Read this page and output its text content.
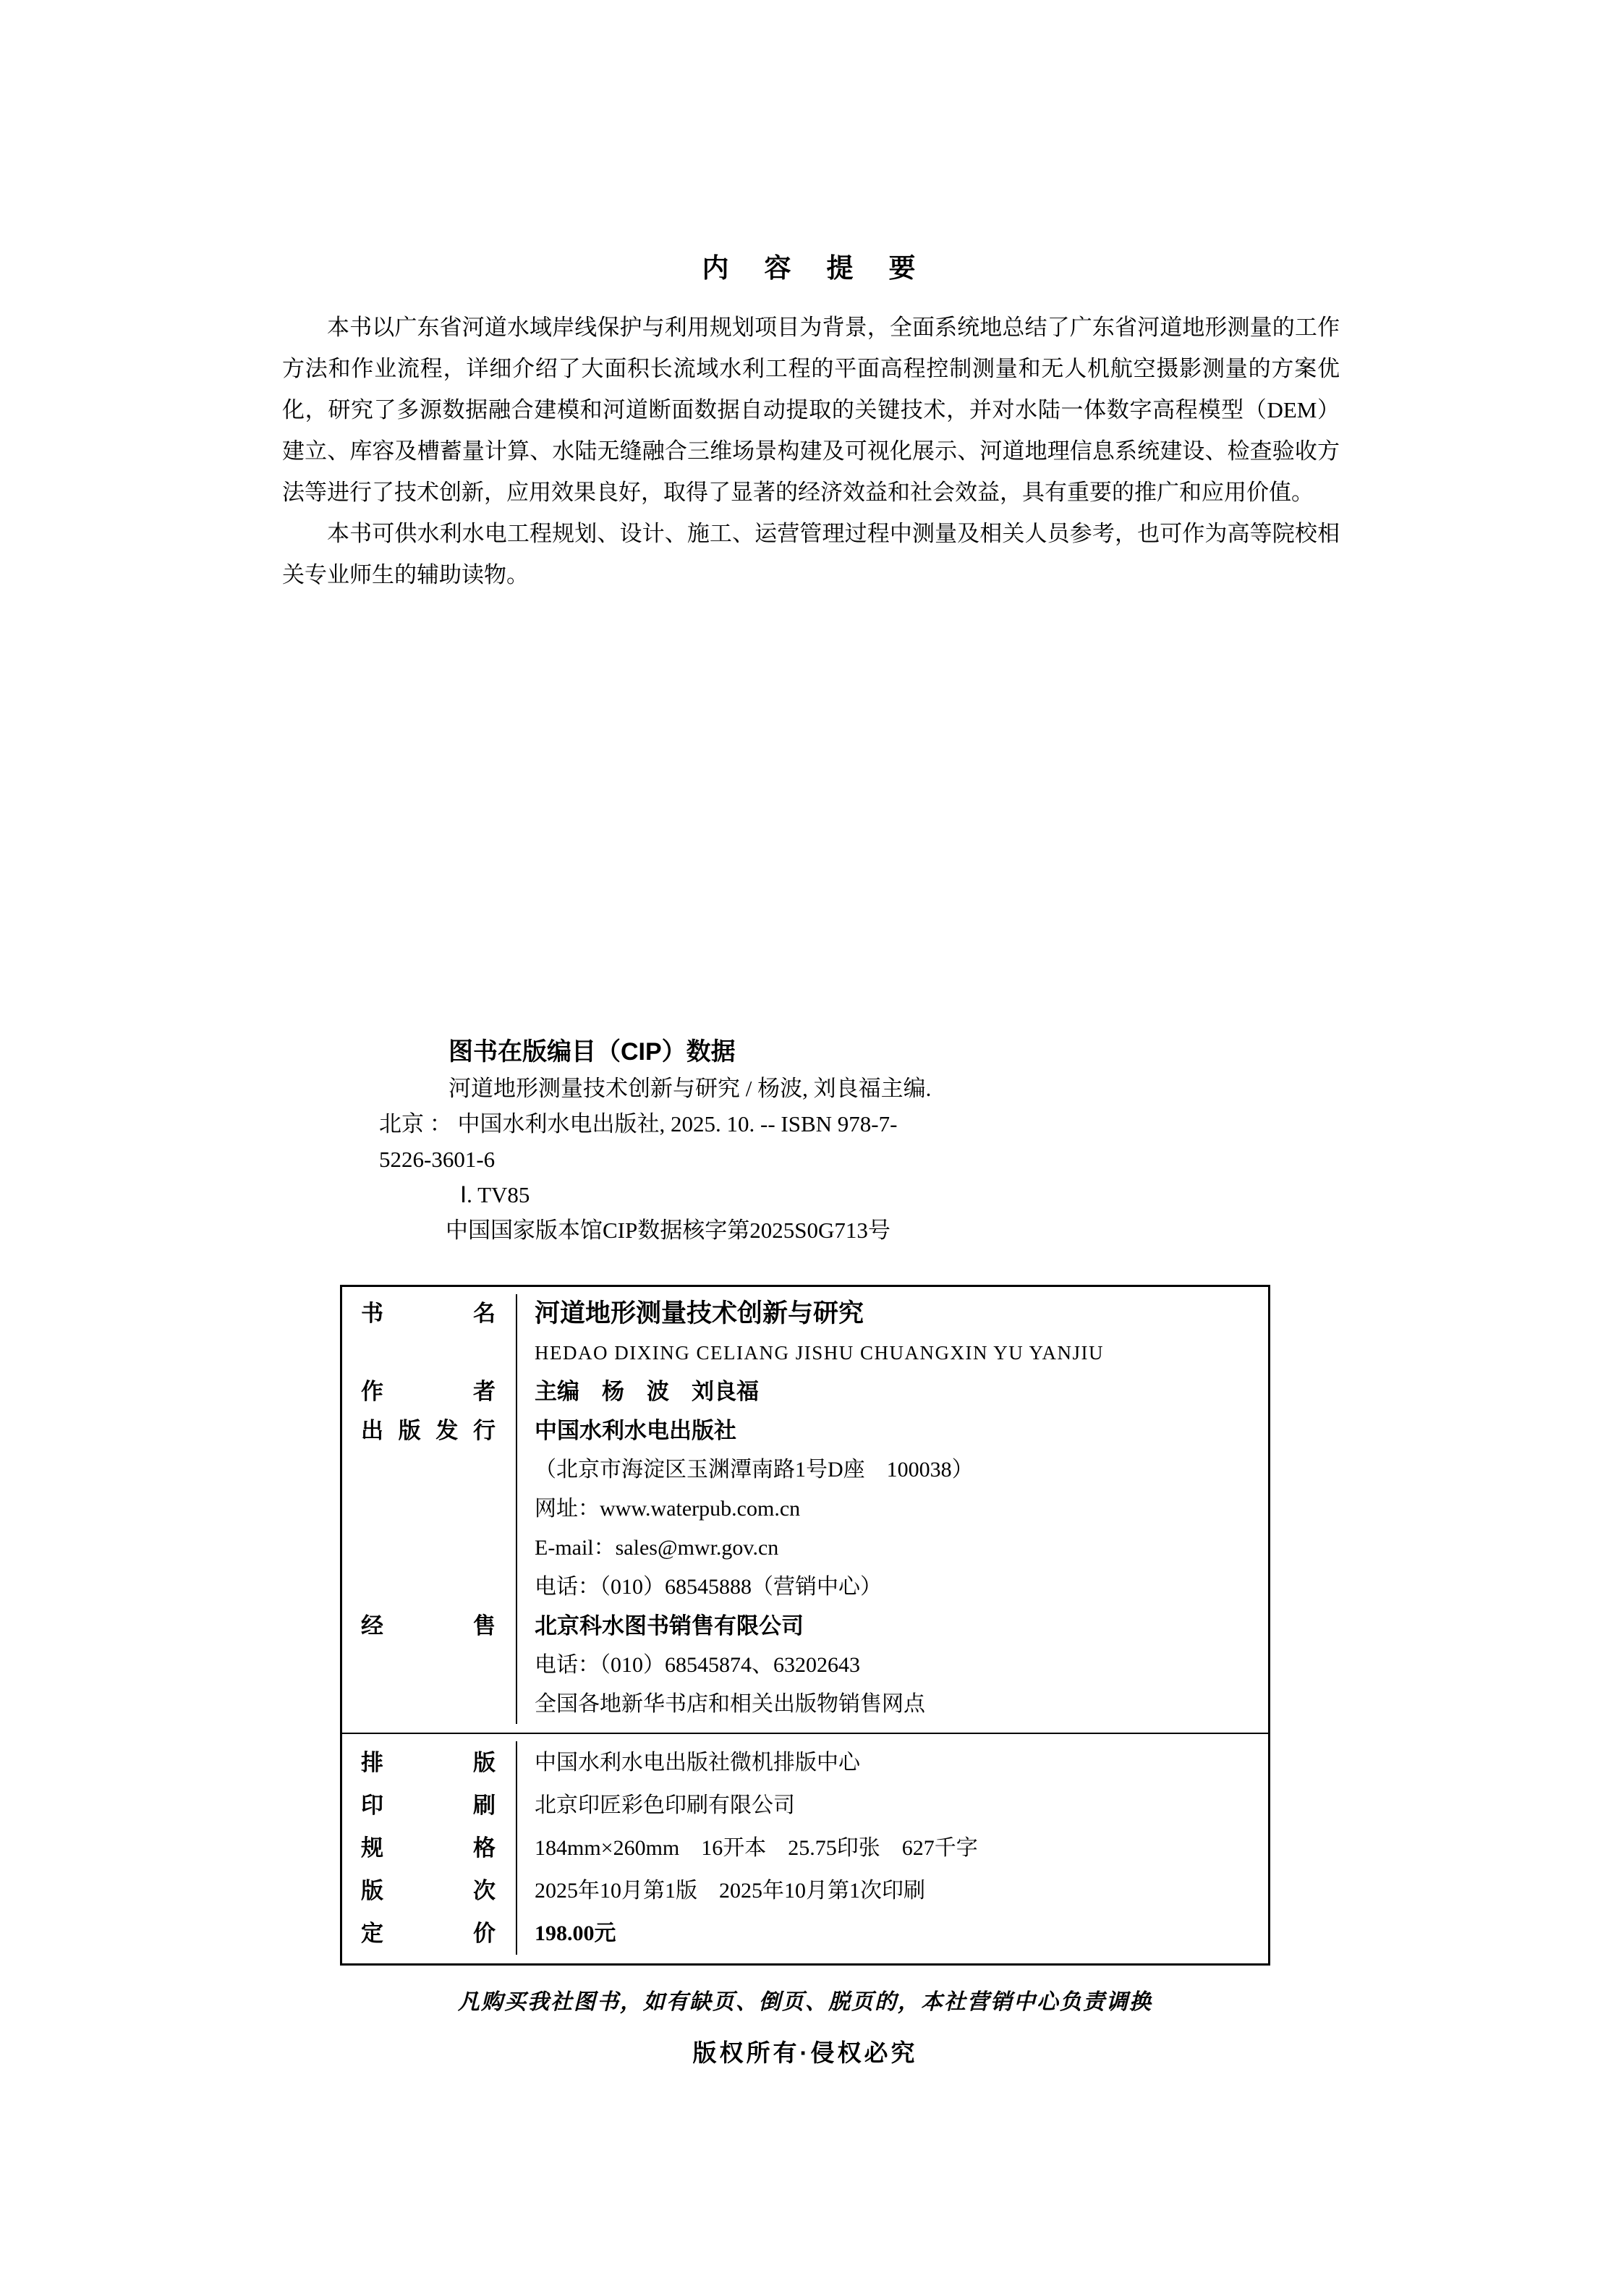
内　容　提　要

本书以广东省河道水域岸线保护与利用规划项目为背景，全面系统地总结了广东省河道地形测量的工作方法和作业流程，详细介绍了大面积长流域水利工程的平面高程控制测量和无人机航空摄影测量的方案优化，研究了多源数据融合建模和河道断面数据自动提取的关键技术，并对水陆一体数字高程模型（DEM）建立、库容及槽蓄量计算、水陆无缝融合三维场景构建及可视化展示、河道地理信息系统建设、检查验收方法等进行了技术创新，应用效果良好，取得了显著的经济效益和社会效益，具有重要的推广和应用价值。

本书可供水利水电工程规划、设计、施工、运营管理过程中测量及相关人员参考，也可作为高等院校相关专业师生的辅助读物。

图书在版编目（CIP）数据
河道地形测量技术创新与研究 / 杨波, 刘良福主编.
北京 ： 中国水利水电出版社, 2025. 10. -- ISBN 978-7-
5226-3601-6
Ⅰ. TV85
中国国家版本馆CIP数据核字第2025S0G713号
书名	河道地形测量技术创新与研究
HEDAO DIXING CELIANG JISHU CHUANGXIN YU YANJIU
作者	主编　杨　波　刘良福
出版发行	中国水利水电出版社
（北京市海淀区玉渊潭南路1号D座　100038）
网址：www.waterpub.com.cn
E-mail：sales@mwr.gov.cn
电话：（010）68545888（营销中心）
经售	北京科水图书销售有限公司
电话：（010）68545874、63202643
全国各地新华书店和相关出版物销售网点
排版	中国水利水电出版社微机排版中心
印刷	北京印匠彩色印刷有限公司
规格	184mm×260mm　16开本　25.75印张　627千字
版次	2025年10月第1版　2025年10月第1次印刷
定价	198.00元
凡购买我社图书，如有缺页、倒页、脱页的，本社营销中心负责调换
版权所有·侵权必究
